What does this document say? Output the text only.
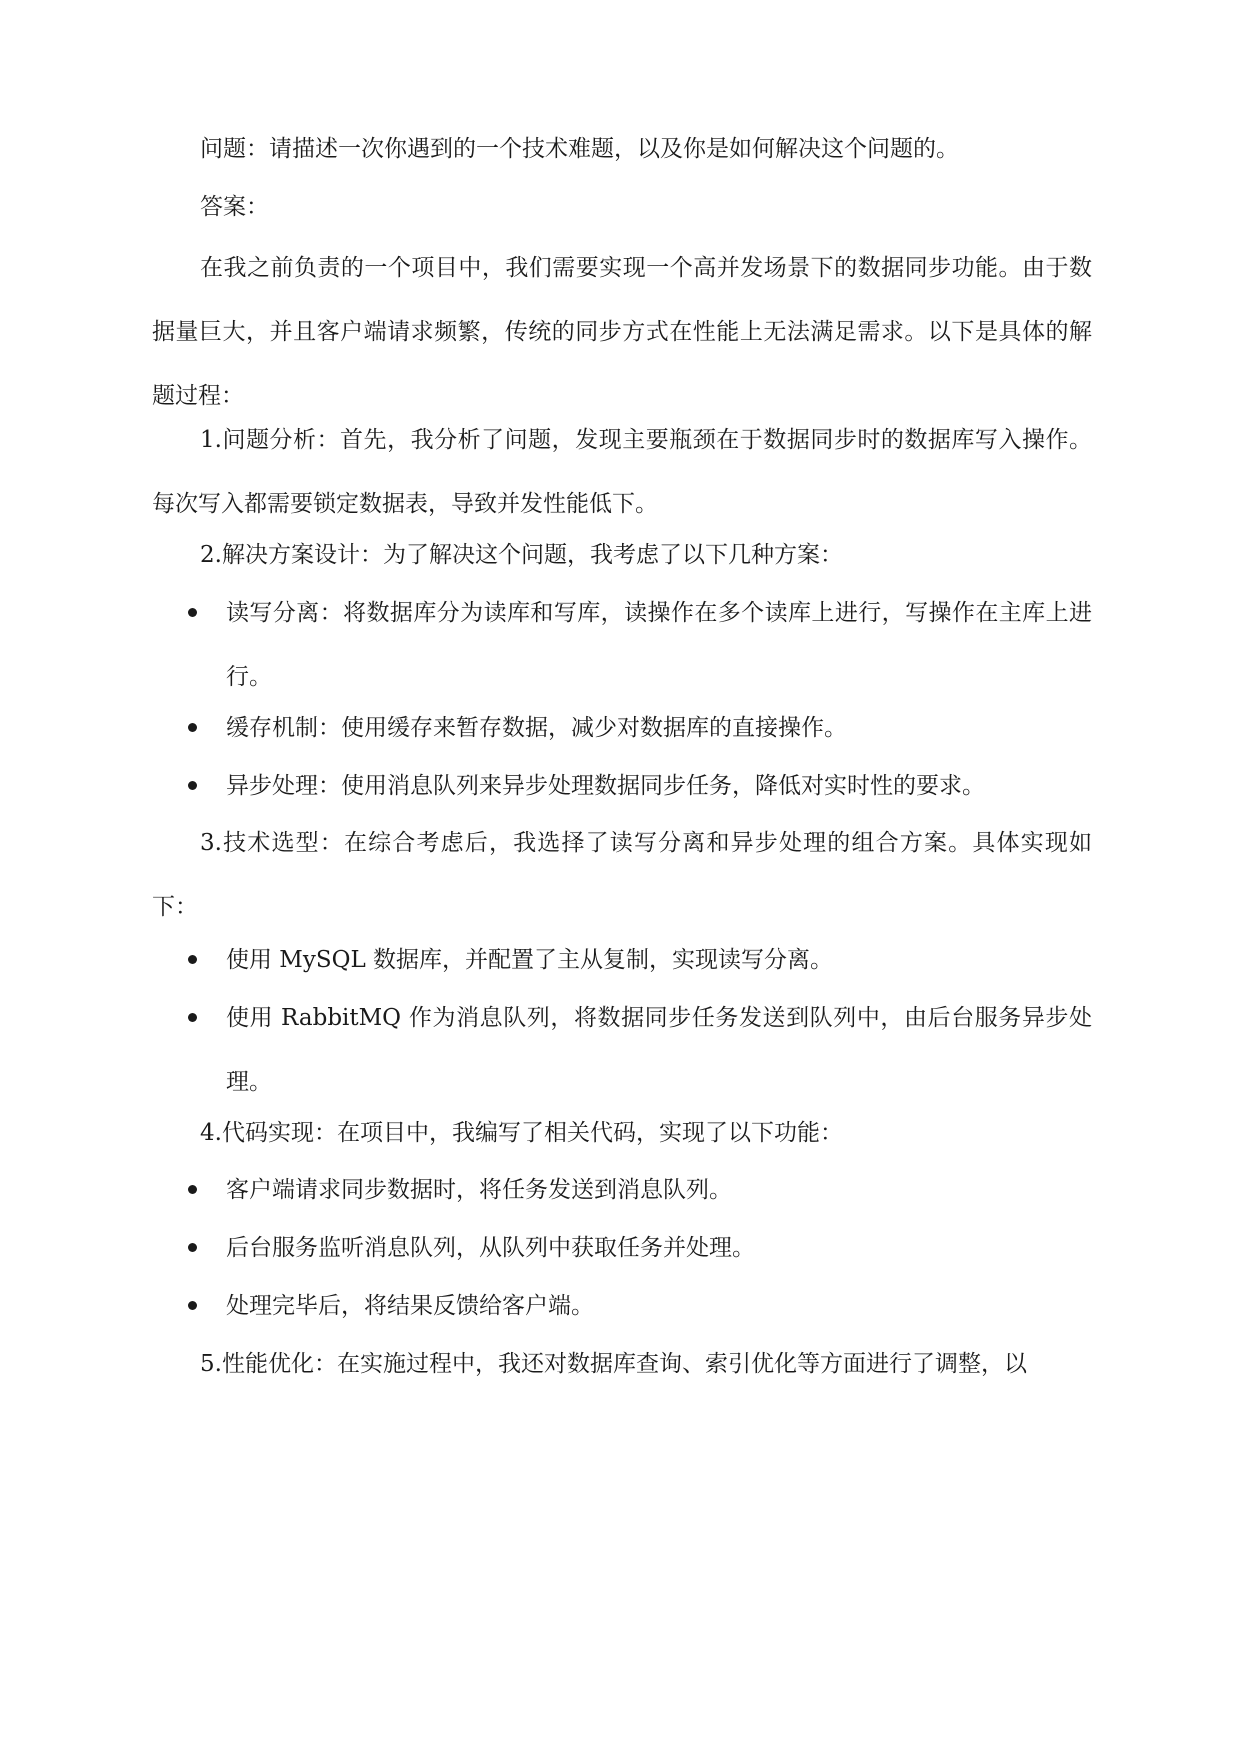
问题：请描述一次你遇到的一个技术难题，以及你是如何解决这个问题的。

答案：

在我之前负责的一个项目中，我们需要实现一个高并发场景下的数据同步功能。由于数据量巨大，并且客户端请求频繁，传统的同步方式在性能上无法满足需求。以下是具体的解题过程：

1.问题分析：首先，我分析了问题，发现主要瓶颈在于数据同步时的数据库写入操作。每次写入都需要锁定数据表，导致并发性能低下。

2.解决方案设计：为了解决这个问题，我考虑了以下几种方案：

读写分离：将数据库分为读库和写库，读操作在多个读库上进行，写操作在主库上进行。
缓存机制：使用缓存来暂存数据，减少对数据库的直接操作。
异步处理：使用消息队列来异步处理数据同步任务，降低对实时性的要求。

3.技术选型：在综合考虑后，我选择了读写分离和异步处理的组合方案。具体实现如下：

使用 MySQL 数据库，并配置了主从复制，实现读写分离。
使用 RabbitMQ 作为消息队列，将数据同步任务发送到队列中，由后台服务异步处理。

4.代码实现：在项目中，我编写了相关代码，实现了以下功能：

客户端请求同步数据时，将任务发送到消息队列。
后台服务监听消息队列，从队列中获取任务并处理。
处理完毕后，将结果反馈给客户端。

5.性能优化：在实施过程中，我还对数据库查询、索引优化等方面进行了调整，以
